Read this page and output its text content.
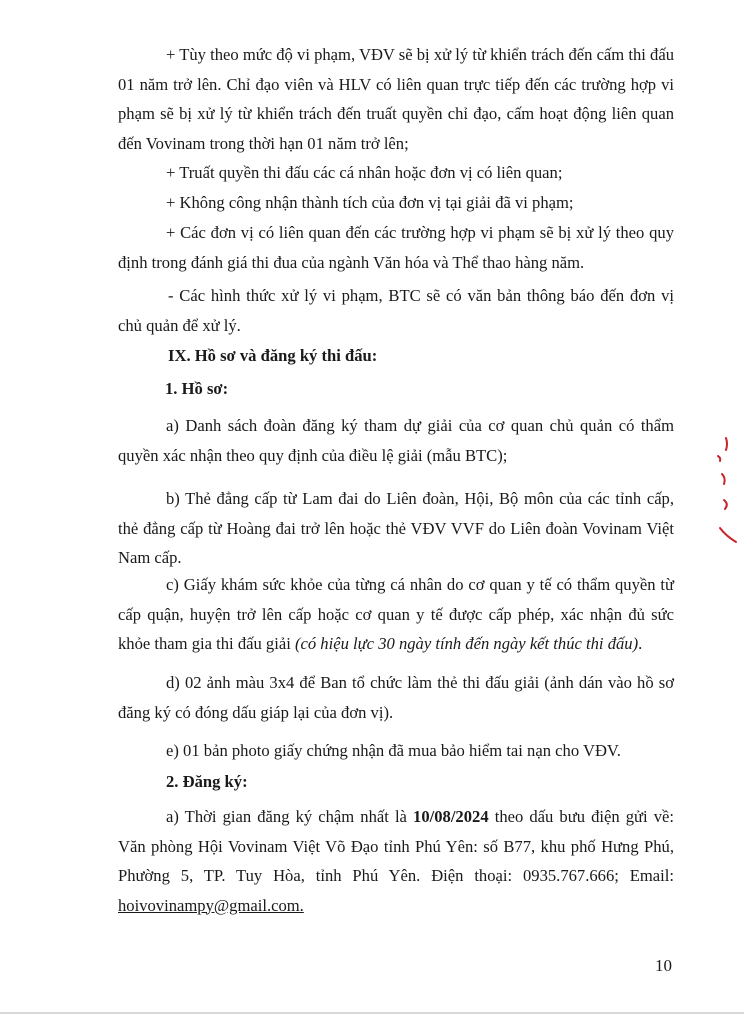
+ Tùy theo mức độ vi phạm, VĐV sẽ bị xử lý từ khiển trách đến cấm thi đấu 01 năm trở lên. Chỉ đạo viên và HLV có liên quan trực tiếp đến các trường hợp vi phạm sẽ bị xử lý từ khiển trách đến truất quyền chỉ đạo, cấm hoạt động liên quan đến Vovinam trong thời hạn 01 năm trở lên;

+ Truất quyền thi đấu các cá nhân hoặc đơn vị có liên quan;

+ Không công nhận thành tích của đơn vị tại giải đã vi phạm;

+ Các đơn vị có liên quan đến các trường hợp vi phạm sẽ bị xử lý theo quy định trong đánh giá thi đua của ngành Văn hóa và Thể thao hàng năm.

- Các hình thức xử lý vi phạm, BTC sẽ có văn bản thông báo đến đơn vị chủ quản để xử lý.

IX. Hồ sơ và đăng ký thi đấu:

1. Hồ sơ:

a) Danh sách đoàn đăng ký tham dự giải của cơ quan chủ quản có thẩm quyền xác nhận theo quy định của điều lệ giải (mẫu BTC);

b) Thẻ đẳng cấp từ Lam đai do Liên đoàn, Hội, Bộ môn của các tỉnh cấp, thẻ đẳng cấp từ Hoàng đai trở lên hoặc thẻ VĐV VVF do Liên đoàn Vovinam Việt Nam cấp.

c) Giấy khám sức khỏe của từng cá nhân do cơ quan y tế có thẩm quyền từ cấp quận, huyện trở lên cấp hoặc cơ quan y tế được cấp phép, xác nhận đủ sức khỏe tham gia thi đấu giải (có hiệu lực 30 ngày tính đến ngày kết thúc thi đấu).

d) 02 ảnh màu 3x4 để Ban tổ chức làm thẻ thi đấu giải (ảnh dán vào hồ sơ đăng ký có đóng dấu giáp lại của đơn vị).

e) 01 bản photo giấy chứng nhận đã mua bảo hiểm tai nạn cho VĐV.

2. Đăng ký:

a) Thời gian đăng ký chậm nhất là 10/08/2024 theo dấu bưu điện gửi về: Văn phòng Hội Vovinam Việt Võ Đạo tỉnh Phú Yên: số B77, khu phố Hưng Phú, Phường 5, TP. Tuy Hòa, tỉnh Phú Yên. Điện thoại: 0935.767.666; Email: hoivovinampy@gmail.com.

10
